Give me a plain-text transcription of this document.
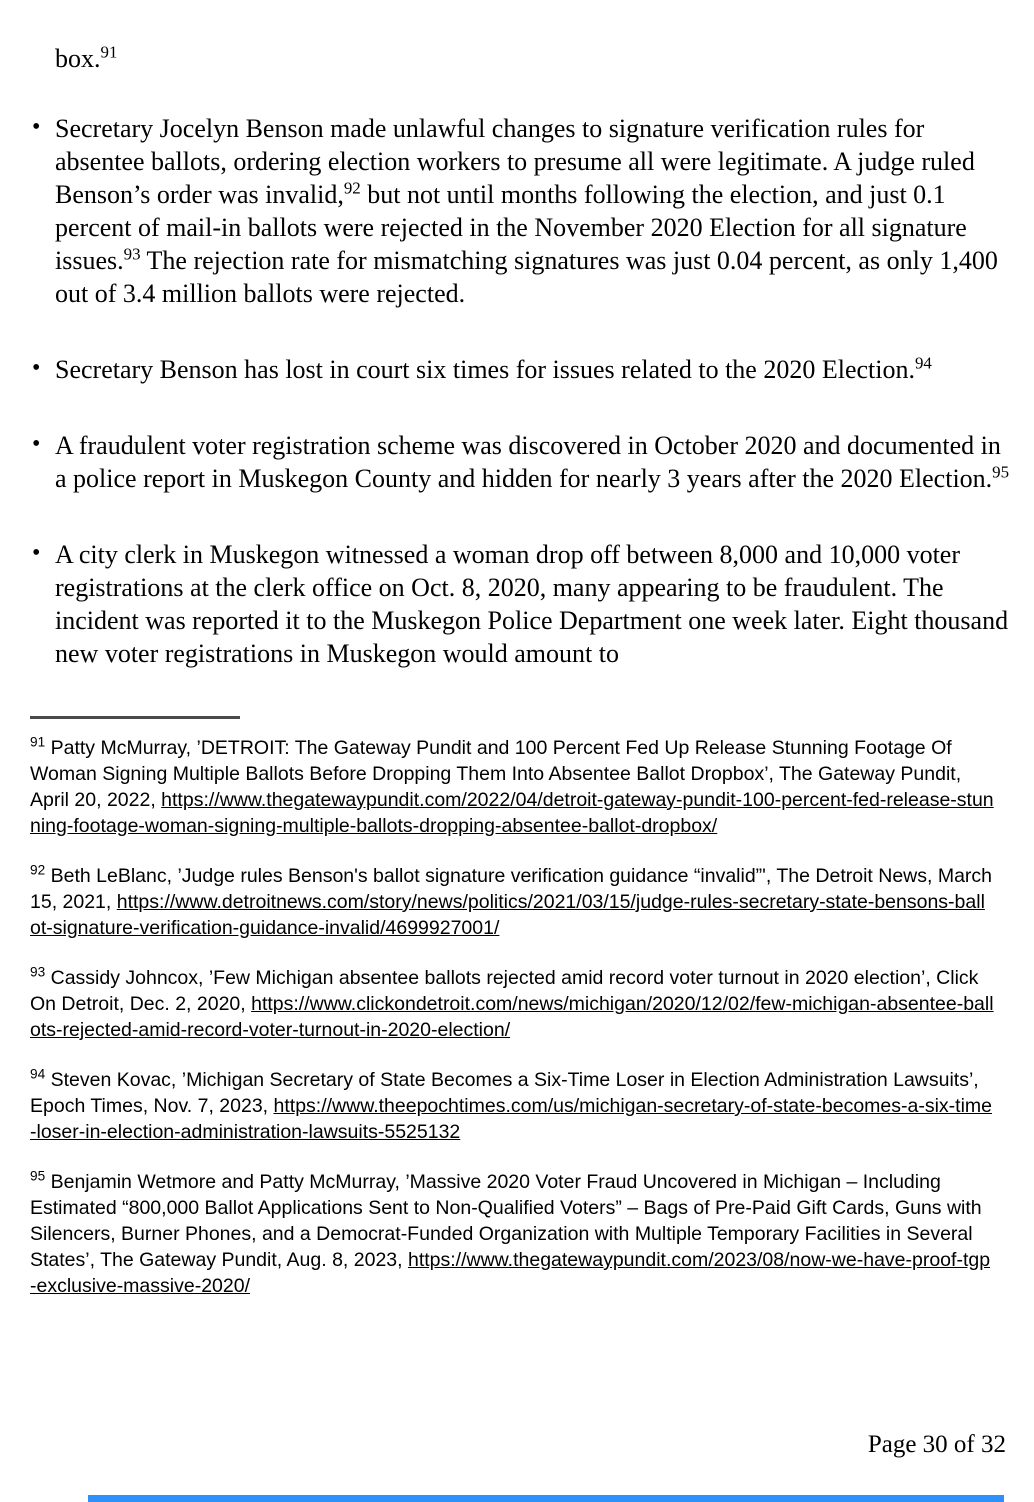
box.$^{91}$

• Secretary Jocelyn Benson made unlawful changes to signature verification rules for absentee ballots, ordering election workers to presume all were legitimate. A judge ruled Benson’s order was invalid,$^{92}$ but not until months following the election, and just 0.1 percent of mail-in ballots were rejected in the November 2020 Election for all signature issues.$^{93}$ The rejection rate for mismatching signatures was just 0.04 percent, as only 1,400 out of 3.4 million ballots were rejected.
• Secretary Benson has lost in court six times for issues related to the 2020 Election.$^{94}$
• A fraudulent voter registration scheme was discovered in October 2020 and documented in a police report in Muskegon County and hidden for nearly 3 years after the 2020 Election.$^{95}$
• A city clerk in Muskegon witnessed a woman drop off between 8,000 and 10,000 voter registrations at the clerk office on Oct. 8, 2020, many appearing to be fraudulent. The incident was reported it to the Muskegon Police Department one week later. Eight thousand new voter registrations in Muskegon would amount to

$^{91}$ Patty McMurray, ’DETROIT: The Gateway Pundit and 100 Percent Fed Up Release Stunning Footage Of Woman Signing Multiple Ballots Before Dropping Them Into Absentee Ballot Dropbox’, The Gateway Pundit, April 20, 2022, https://www.thegatewaypundit.com/2022/04/detroit-gateway-pundit-100-percent-fed-release-stunning-footage-woman-signing-multiple-ballots-dropping-absentee-ballot-dropbox/

$^{92}$ Beth LeBlanc, ’Judge rules Benson's ballot signature verification guidance “invalid”', The Detroit News, March 15, 2021, https://www.detroitnews.com/story/news/politics/2021/03/15/judge-rules-secretary-state-bensons-ballot-signature-verification-guidance-invalid/4699927001/

$^{93}$ Cassidy Johncox, ’Few Michigan absentee ballots rejected amid record voter turnout in 2020 election’, Click On Detroit, Dec. 2, 2020, https://www.clickondetroit.com/news/michigan/2020/12/02/few-michigan-absentee-ballots-rejected-amid-record-voter-turnout-in-2020-election/

$^{94}$ Steven Kovac, ’Michigan Secretary of State Becomes a Six-Time Loser in Election Administration Lawsuits’, Epoch Times, Nov. 7, 2023, https://www.theepochtimes.com/us/michigan-secretary-of-state-becomes-a-six-time-loser-in-election-administration-lawsuits-5525132

$^{95}$ Benjamin Wetmore and Patty McMurray, ’Massive 2020 Voter Fraud Uncovered in Michigan – Including Estimated “800,000 Ballot Applications Sent to Non-Qualified Voters” – Bags of Pre-Paid Gift Cards, Guns with Silencers, Burner Phones, and a Democrat-Funded Organization with Multiple Temporary Facilities in Several States’, The Gateway Pundit, Aug. 8, 2023, https://www.thegatewaypundit.com/2023/08/now-we-have-proof-tgp-exclusive-massive-2020/

Page 30 of 32
